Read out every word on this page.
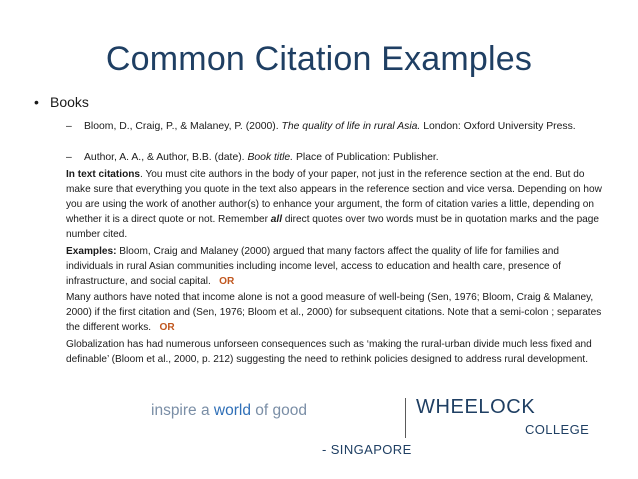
Common Citation Examples
• Books
–	Bloom, D., Craig, P., & Malaney, P. (2000). The quality of life in rural Asia. London: Oxford University Press.
–	Author, A. A., & Author, B.B. (date). Book title. Place of Publication: Publisher.

In text citations. You must cite authors in the body of your paper, not just in the reference section at the end. But do make sure that everything you quote in the text also appears in the reference section and vice versa. Depending on how you are using the work of another author(s) to enhance your argument, the form of citation varies a little, depending on whether it is a direct quote or not. Remember all direct quotes over two words must be in quotation marks and the page number cited.

Examples: Bloom, Craig and Malaney (2000) argued that many factors affect the quality of life for families and individuals in rural Asian communities including income level, access to education and health care, presence of infrastructure, and social capital. OR

Many authors have noted that income alone is not a good measure of well-being (Sen, 1976; Bloom, Craig & Malaney, 2000) if the first citation and (Sen, 1976; Bloom et al., 2000) for subsequent citations. Note that a semi-colon ; separates the different works. OR

Globalization has had numerous unforseen consequences such as ‘making the rural-urban divide much less fixed and definable’ (Bloom et al., 2000, p. 212) suggesting the need to rethink policies designed to address rural development.

inspire a world of good	WHEELOCK
COLLEGE
- SINGAPORE
